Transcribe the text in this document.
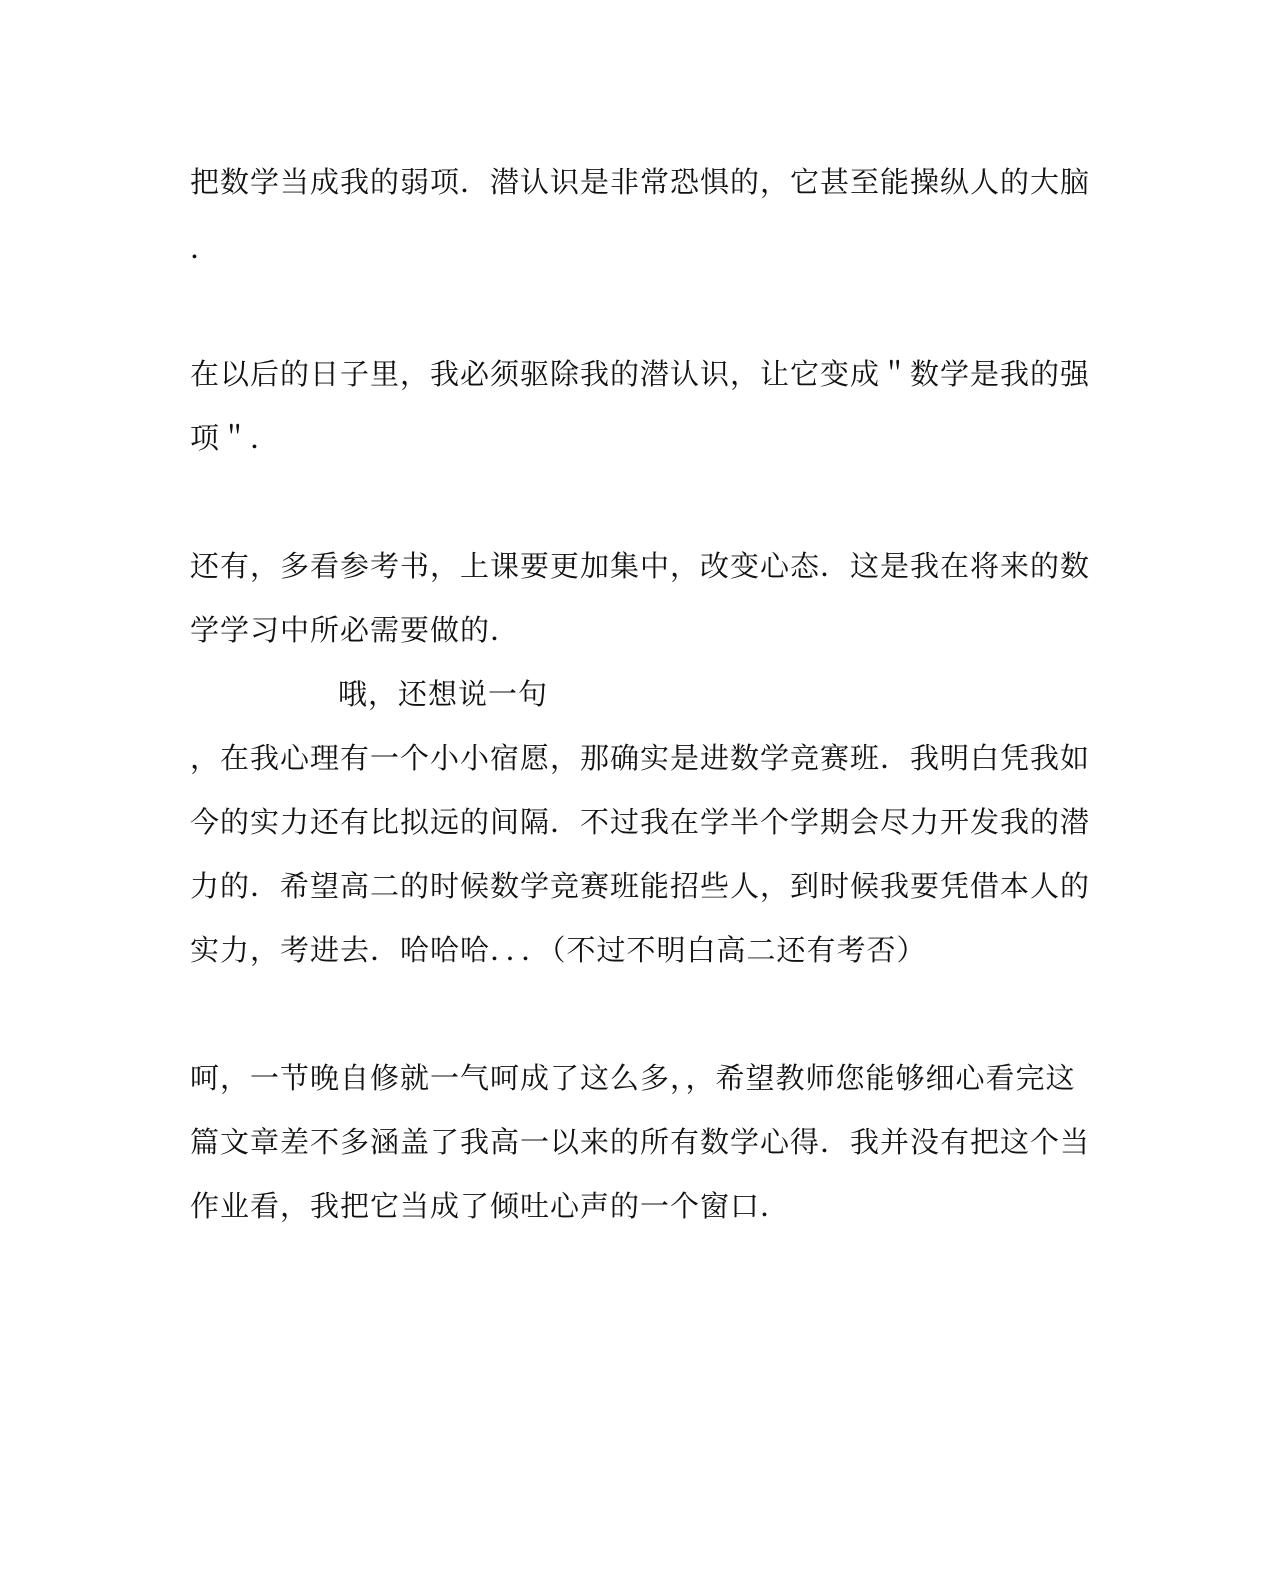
把数学当成我的弱项．潜认识是非常恐惧的，它甚至能操纵人的大脑
．
在以后的日子里，我必须驱除我的潜认识，让它变成＂数学是我的强
项＂．
还有，多看参考书，上课要更加集中，改变心态．这是我在将来的数
学学习中所必需要做的．
哦，还想说一句
，在我心理有一个小小宿愿，那确实是进数学竞赛班．我明白凭我如
今的实力还有比拟远的间隔．不过我在学半个学期会尽力开发我的潜
力的．希望高二的时候数学竞赛班能招些人，到时候我要凭借本人的
实力，考进去．哈哈哈．．．（不过不明白高二还有考否）
呵，一节晚自修就一气呵成了这么多，，希望教师您能够细心看完这
篇文章差不多涵盖了我高一以来的所有数学心得．我并没有把这个当
作业看，我把它当成了倾吐心声的一个窗口．
